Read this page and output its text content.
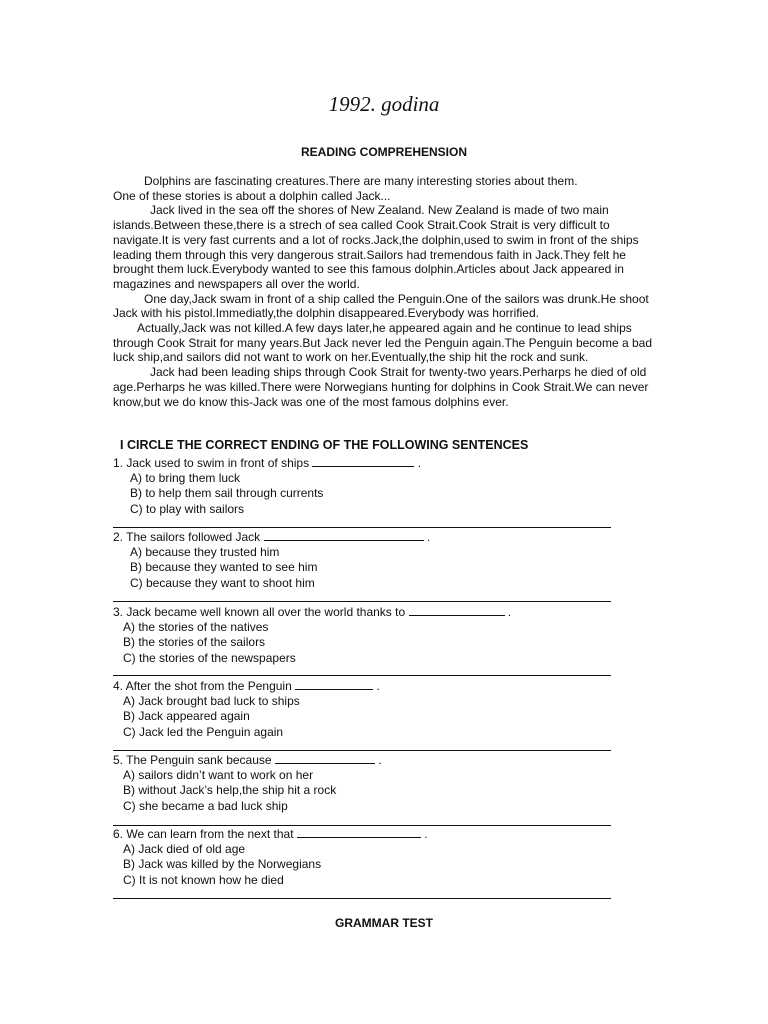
1992. godina
READING COMPREHENSION

Dolphins are fascinating creatures.There are many interesting stories about them.

One of these stories is about a dolphin called Jack...

Jack lived in the sea off the shores of New Zealand. New Zealand is made of two main islands.Between these,there is a strech of sea called Cook Strait.Cook Strait is very difficult to navigate.It is very fast currents and a lot of rocks.Jack,the dolphin,used to swim in front of the ships leading them through this very dangerous strait.Sailors had tremendous faith in Jack.They felt he brought them luck.Everybody wanted to see this famous dolphin.Articles about Jack appeared in magazines and newspapers all over the world.

One day,Jack swam in front of a ship called the Penguin.One of the sailors was drunk.He shoot Jack with his pistol.Immediatly,the dolphin disappeared.Everybody was horrified.

Actually,Jack was not killed.A few days later,he appeared again and he continue to lead ships through Cook Strait for many years.But Jack never led the Penguin again.The Penguin become a bad luck ship,and sailors did not want to work on her.Eventually,the ship hit the rock and sunk.

Jack had been leading ships through Cook Strait for twenty-two years.Perharps he died of old age.Perharps he was killed.There were Norwegians hunting for dolphins in Cook Strait.We can never know,but we do know this-Jack was one of the most famous dolphins ever.

I CIRCLE THE CORRECT ENDING OF THE FOLLOWING SENTENCES
1. Jack used to swim in front of ships	.
A) to bring them luck
B) to help them sail through currents
C) to play with sailors
2. The sailors followed Jack	.
A) because they trusted him
B) because they wanted to see him
C) because they want to shoot him
3. Jack became well known all over the world thanks to	.
A) the stories of the natives
B) the stories of the sailors
C) the stories of the newspapers
4. After the shot from the Penguin	.
A) Jack brought bad luck to ships
B) Jack appeared again
C) Jack led the Penguin again
5. The Penguin sank because	.
A) sailors didn’t want to work on her
B) without Jack’s help,the ship hit a rock
C) she became a bad luck ship
6. We can learn from the next that	.
A) Jack died of old age
B) Jack was killed by the Norwegians
C) It is not known how he died
GRAMMAR TEST
